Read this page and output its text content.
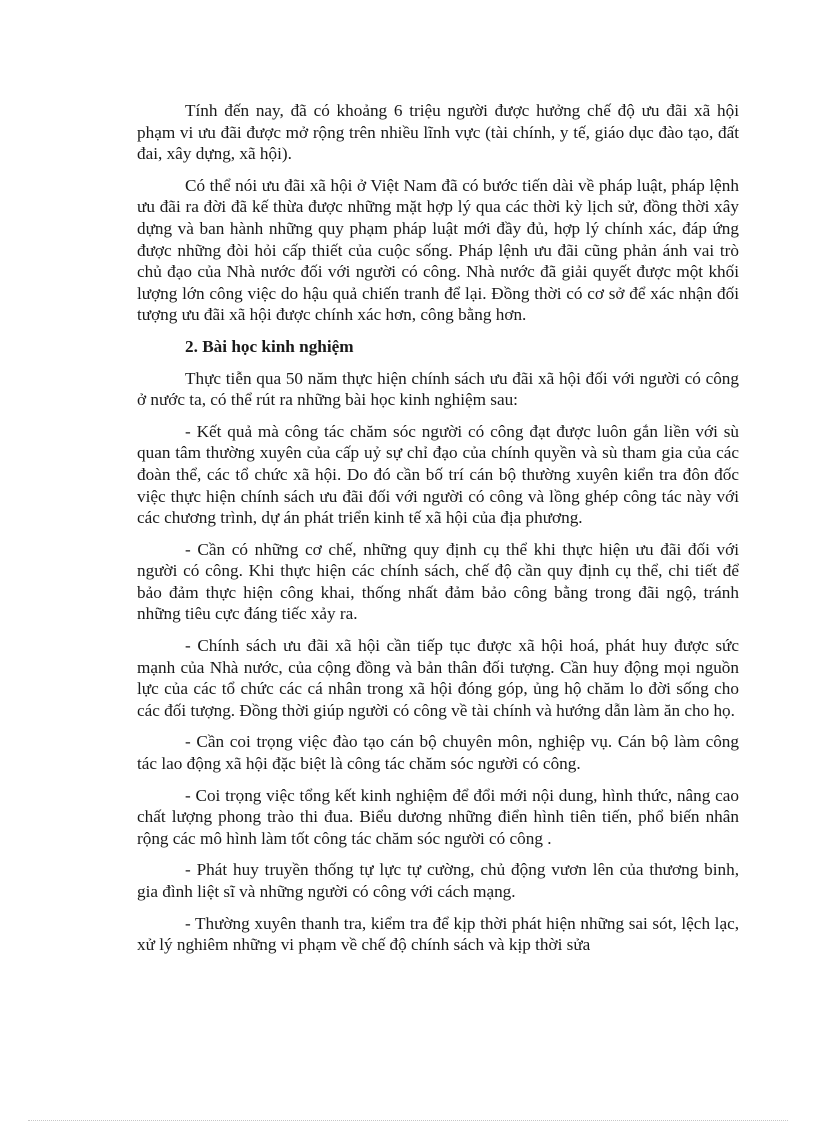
Tính đến nay, đã có khoảng 6 triệu người được hưởng chế độ ưu đãi xã hội phạm vi ưu đãi được mở rộng trên nhiều lĩnh vực (tài chính, y tế, giáo dục đào tạo, đất đai, xây dựng, xã hội).

Có thể nói ưu đãi xã hội ở Việt Nam đã có bước tiến dài về pháp luật, pháp lệnh ưu đãi ra đời đã kế thừa được những mặt hợp lý qua các thời kỳ lịch sử, đồng thời xây dựng và ban hành những quy phạm pháp luật mới đầy đủ, hợp lý chính xác, đáp ứng được những đòi hỏi cấp thiết của cuộc sống. Pháp lệnh ưu đãi cũng phản ánh vai trò chủ đạo của Nhà nước đối với người có công. Nhà nước đã giải quyết được một khối lượng lớn công việc do hậu quả chiến tranh để lại. Đồng thời có cơ sở để xác nhận đối tượng ưu đãi xã hội được chính xác hơn, công bằng hơn.

2. Bài học kinh nghiệm

Thực tiễn qua 50 năm thực hiện chính sách ưu đãi xã hội đối với người có công ở nước ta, có thể rút ra những bài học kinh nghiệm sau:

- Kết quả mà công tác chăm sóc người có công đạt được luôn gắn liền với sù quan tâm thường xuyên của cấp uỷ sự chỉ đạo của chính quyền và sù tham gia của các đoàn thể, các tổ chức xã hội. Do đó cần bố trí cán bộ thường xuyên kiển tra đôn đốc việc thực hiện chính sách ưu đãi đối với người có công và lồng ghép công tác này với các chương trình, dự án phát triển kinh tế xã hội của địa phương.

- Cần có những cơ chế, những quy định cụ thể khi thực hiện ưu đãi đối với người có công. Khi thực hiện các chính sách, chế độ cần quy định cụ thể, chi tiết để bảo đảm thực hiện công khai, thống nhất đảm bảo công bằng trong đãi ngộ, tránh những tiêu cực đáng tiếc xảy ra.

- Chính sách ưu đãi xã hội cần tiếp tục được xã hội hoá, phát huy được sức mạnh của Nhà nước, của cộng đồng và bản thân đối tượng. Cần huy động mọi nguồn lực của các tổ chức các cá nhân trong xã hội đóng góp, ủng hộ chăm lo đời sống cho các đối tượng. Đồng thời giúp người có công về tài chính và hướng dẫn làm ăn cho họ.

- Cần coi trọng việc đào tạo cán bộ chuyên môn, nghiệp vụ. Cán bộ làm công tác lao động xã hội đặc biệt là công tác chăm sóc người có công.

- Coi trọng việc tổng kết kinh nghiệm để đổi mới nội dung, hình thức, nâng cao chất lượng phong trào thi đua. Biểu dương những điển hình tiên tiến, phổ biến nhân rộng các mô hình làm tốt công tác chăm sóc người có công .

- Phát huy truyền thống tự lực tự cường, chủ động vươn lên của thương binh, gia đình liệt sĩ và những người có công với cách mạng.

- Thường xuyên thanh tra, kiểm tra để kịp thời phát hiện những sai sót, lệch lạc, xử lý nghiêm những vi phạm về chế độ chính sách và kịp thời sửa
